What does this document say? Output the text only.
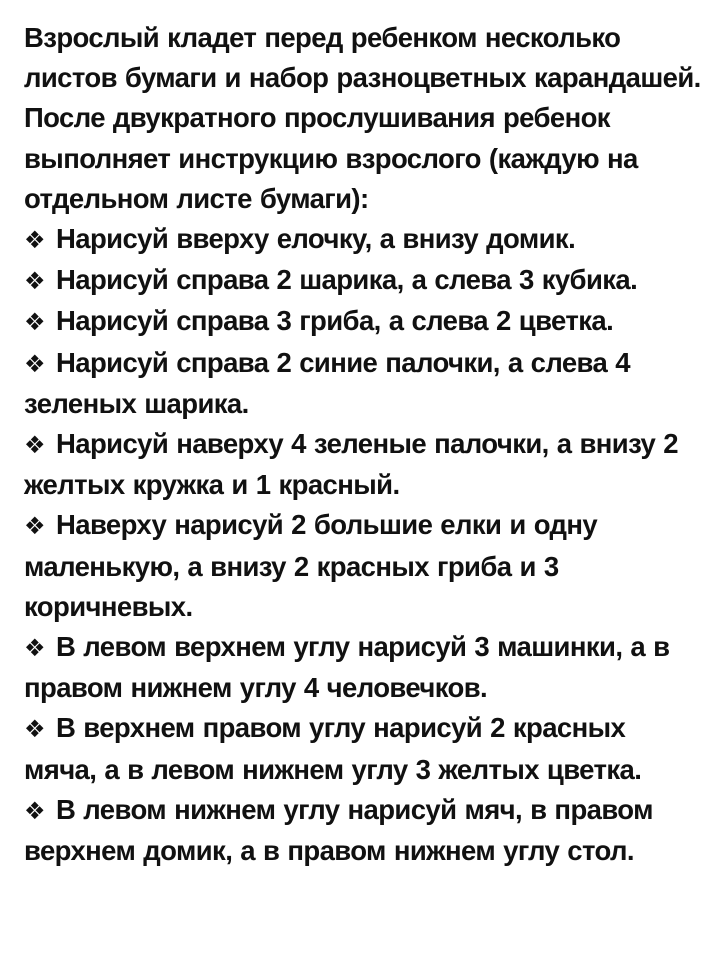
Взрослый кладет перед ребенком несколько листов бумаги и набор разноцветных карандашей. После двукратного прослушивания ребенок выполняет инструкцию взрослого (каждую на отдельном листе бумаги):

❖ Нарисуй вверху елочку, а внизу домик.
❖ Нарисуй справа 2 шарика, а слева 3 кубика.
❖ Нарисуй справа 3 гриба, а слева 2 цветка.
❖ Нарисуй справа 2 синие палочки, а слева 4 зеленых шарика.
❖ Нарисуй наверху 4 зеленые палочки, а внизу 2 желтых кружка и 1 красный.
❖ Наверху нарисуй 2 большие елки и одну маленькую, а внизу 2 красных гриба и 3 коричневых.
❖ В левом верхнем углу нарисуй 3 машинки, а в правом нижнем углу 4 человечков.
❖ В верхнем правом углу нарисуй 2 красных мяча, а в левом нижнем углу 3 желтых цветка.
❖ В левом нижнем углу нарисуй мяч, в правом верхнем домик, а в правом нижнем углу стол.
